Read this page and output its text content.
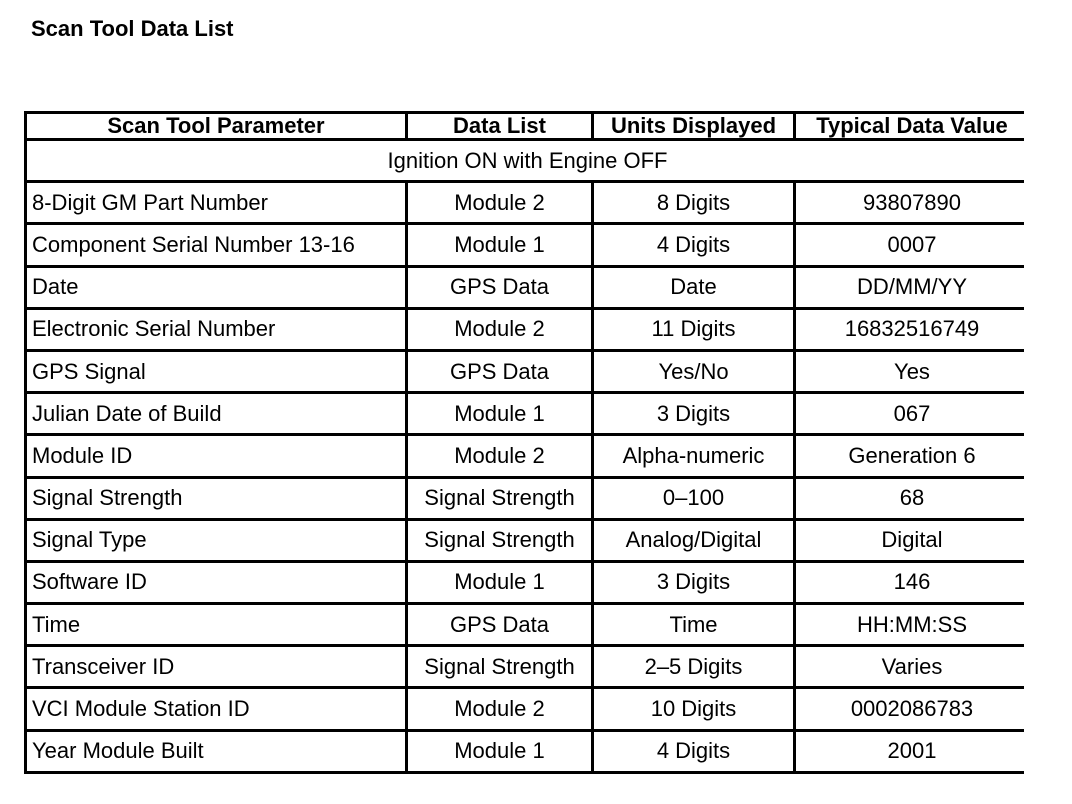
Scan Tool Data List
Scan Tool Parameter	Data List	Units Displayed	Typical Data Value
Ignition ON with Engine OFF			
8-Digit GM Part Number	Module 2	8 Digits	93807890
Component Serial Number 13-16	Module 1	4 Digits	0007
Date	GPS Data	Date	DD/MM/YY
Electronic Serial Number	Module 2	11 Digits	16832516749
GPS Signal	GPS Data	Yes/No	Yes
Julian Date of Build	Module 1	3 Digits	067
Module ID	Module 2	Alpha-numeric	Generation 6
Signal Strength	Signal Strength	0–100	68
Signal Type	Signal Strength	Analog/Digital	Digital
Software ID	Module 1	3 Digits	146
Time	GPS Data	Time	HH:MM:SS
Transceiver ID	Signal Strength	2–5 Digits	Varies
VCI Module Station ID	Module 2	10 Digits	0002086783
Year Module Built	Module 1	4 Digits	2001
